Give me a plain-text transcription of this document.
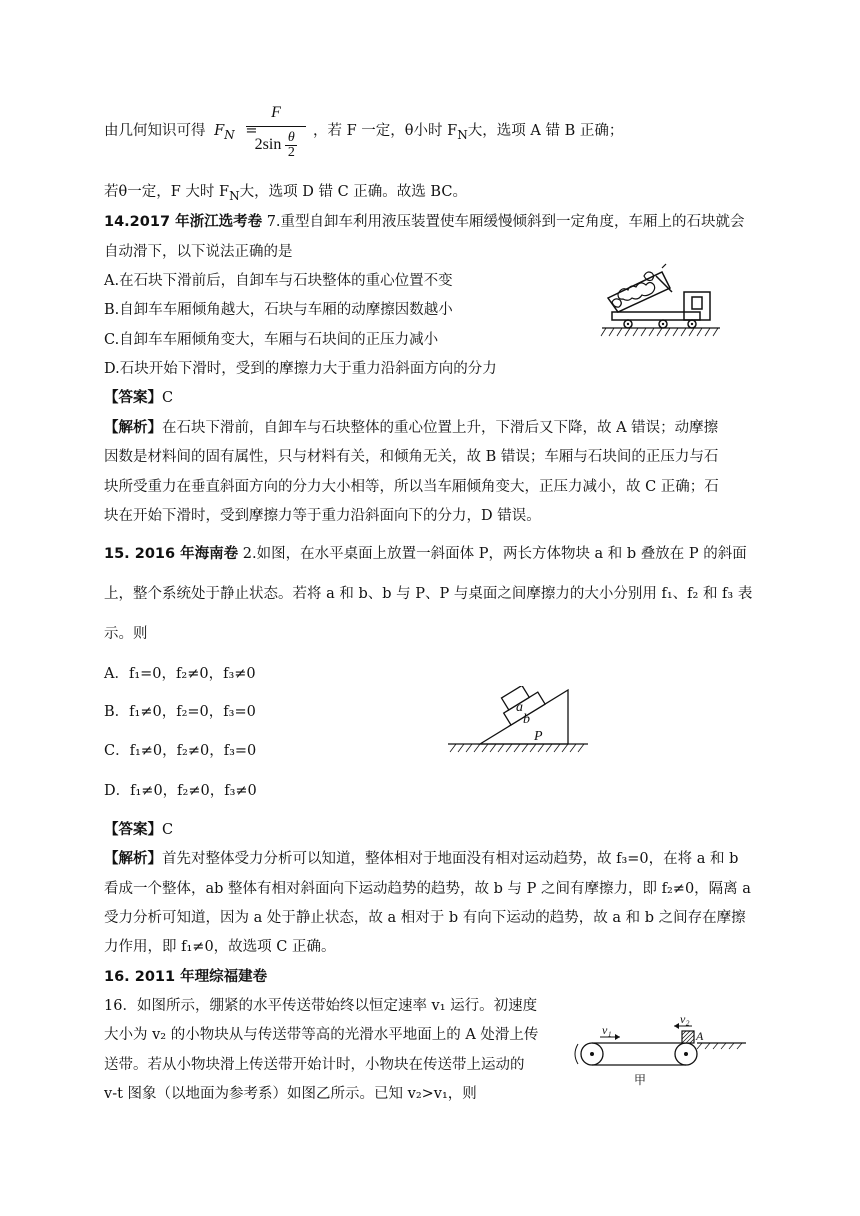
由几何知识可得 $F_N$ =
F
$2\sin \frac{\theta}{2}$	，若 F 一定，θ小时 $F_N$大，选项 A 错 B 正确；
若θ一定，F 大时 $F_N$大，选项 D 错 C 正确。故选 BC。
14.2017 年浙江选考卷 7.重型自卸车利用液压装置使车厢缓慢倾斜到一定角度，车厢上的石块就会
自动滑下，以下说法正确的是
A.在石块下滑前后，自卸车与石块整体的重心位置不变
B.自卸车车厢倾角越大，石块与车厢的动摩擦因数越小
C.自卸车车厢倾角变大，车厢与石块间的正压力减小
D.石块开始下滑时，受到的摩擦力大于重力沿斜面方向的分力
【答案】C
【解析】在石块下滑前，自卸车与石块整体的重心位置上升，下滑后又下降，故 A 错误；动摩擦
因数是材料间的固有属性，只与材料有关，和倾角无关，故 B 错误；车厢与石块间的正压力与石
块所受重力在垂直斜面方向的分力大小相等，所以当车厢倾角变大，正压力减小，故 C 正确；石
块在开始下滑时，受到摩擦力等于重力沿斜面向下的分力，D 错误。
15. 2016 年海南卷 2.如图，在水平桌面上放置一斜面体 P，两长方体物块 a 和 b 叠放在 P 的斜面
上，整个系统处于静止状态。若将 a 和 b、b 与 P、P 与桌面之间摩擦力的大小分别用 f₁、f₂ 和 f₃ 表
示。则
A．f₁=0，f₂≠0，f₃≠0
B．f₁≠0，f₂=0，f₃=0
C．f₁≠0，f₂≠0，f₃=0
D．f₁≠0，f₂≠0，f₃≠0
a
b
P
【答案】C
【解析】首先对整体受力分析可以知道，整体相对于地面没有相对运动趋势，故 f₃=0，在将 a 和 b
看成一个整体，ab 整体有相对斜面向下运动趋势的趋势，故 b 与 P 之间有摩擦力，即 f₂≠0，隔离 a
受力分析可知道，因为 a 处于静止状态，故 a 相对于 b 有向下运动的趋势，故 a 和 b 之间存在摩擦
力作用，即 f₁≠0，故选项 C 正确。
16. 2011 年理综福建卷
16．如图所示，绷紧的水平传送带始终以恒定速率 v₁ 运行。初速度
大小为 v₂ 的小物块从与传送带等高的光滑水平地面上的 A 处滑上传
送带。若从小物块滑上传送带开始计时，小物块在传送带上运动的
v-t 图象（以地面为参考系）如图乙所示。已知 v₂>v₁，则
v₁
v₂
A
甲
